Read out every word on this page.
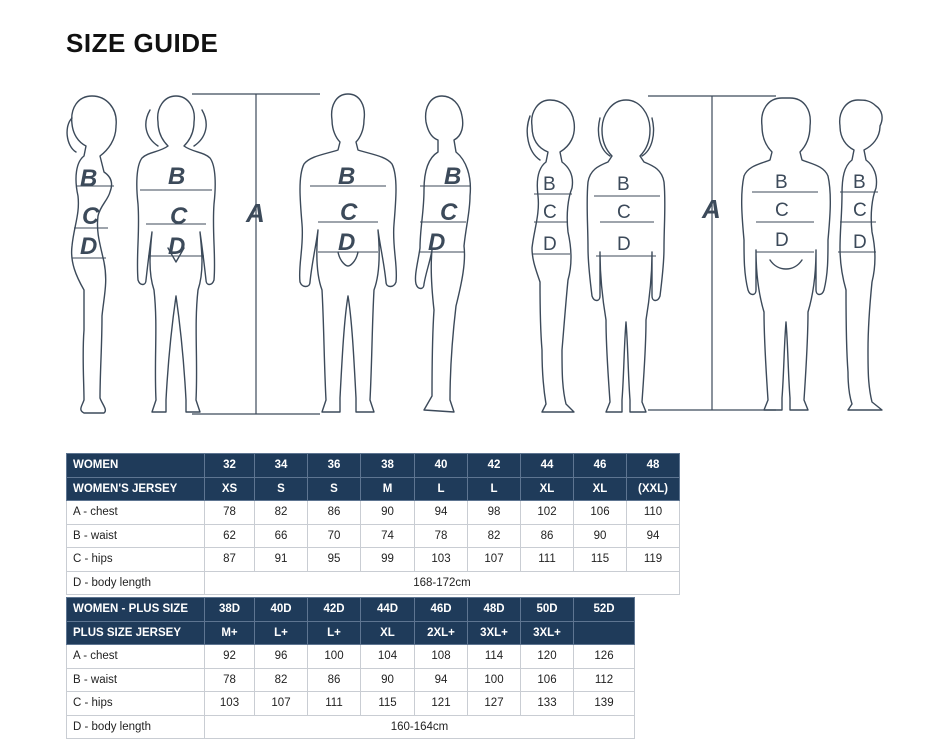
SIZE GUIDE
B
C
D
B
C
D
A
B
C
D
B
C
D
B
C
D
B
C
D
A
B
C
D
B
C
D
WOMEN	32	34	36	38	40	42	44	46	48
WOMEN'S JERSEY	XS	S	S	M	L	L	XL	XL	(XXL)
A - chest	78	82	86	90	94	98	102	106	110
B - waist	62	66	70	74	78	82	86	90	94
C - hips	87	91	95	99	103	107	111	115	119
D - body length	168-172cm								
WOMEN - PLUS SIZE	38D	40D	42D	44D	46D	48D	50D	52D
PLUS SIZE JERSEY	M+	L+	L+	XL	2XL+	3XL+	3XL+	
A - chest	92	96	100	104	108	114	120	126
B - waist	78	82	86	90	94	100	106	112
C - hips	103	107	111	115	121	127	133	139
D - body length	160-164cm							
